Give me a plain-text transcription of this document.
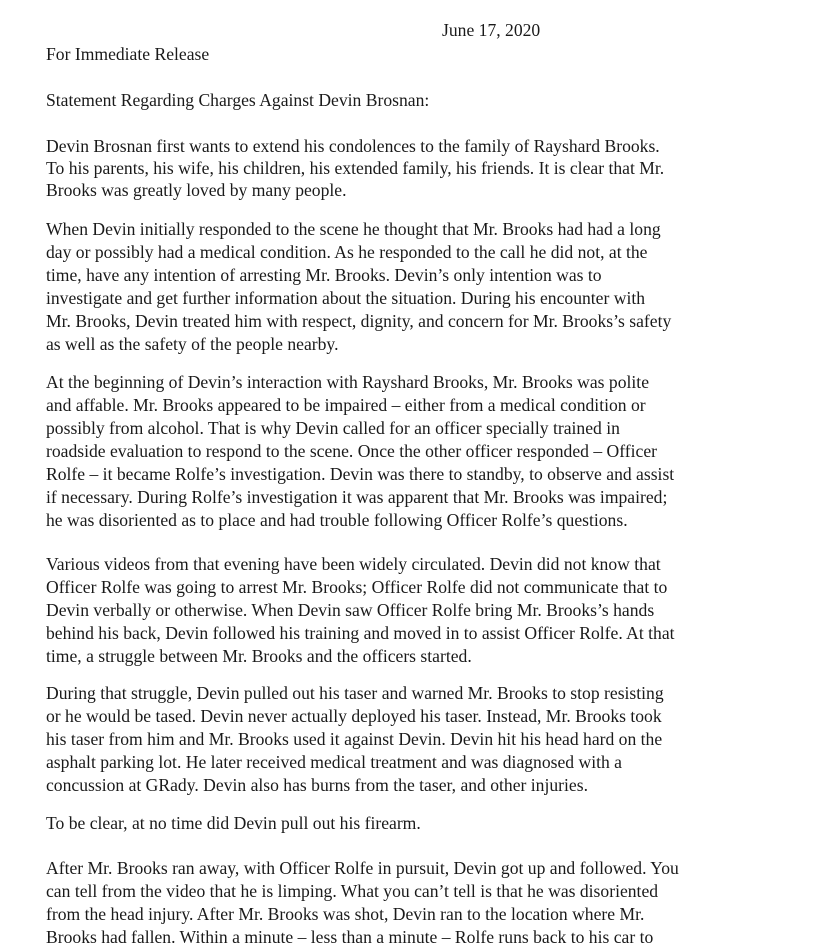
June 17, 2020
For Immediate Release
Statement Regarding Charges Against Devin Brosnan:
Devin Brosnan first wants to extend his condolences to the family of Rayshard Brooks.
To his parents, his wife, his children, his extended family, his friends. It is clear that Mr.
Brooks was greatly loved by many people.
When Devin initially responded to the scene he thought that Mr. Brooks had had a long
day or possibly had a medical condition. As he responded to the call he did not, at the
time, have any intention of arresting Mr. Brooks. Devin’s only intention was to
investigate and get further information about the situation. During his encounter with
Mr. Brooks, Devin treated him with respect, dignity, and concern for Mr. Brooks’s safety
as well as the safety of the people nearby.
At the beginning of Devin’s interaction with Rayshard Brooks, Mr. Brooks was polite
and affable. Mr. Brooks appeared to be impaired – either from a medical condition or
possibly from alcohol. That is why Devin called for an officer specially trained in
roadside evaluation to respond to the scene. Once the other officer responded – Officer
Rolfe – it became Rolfe’s investigation. Devin was there to standby, to observe and assist
if necessary. During Rolfe’s investigation it was apparent that Mr. Brooks was impaired;
he was disoriented as to place and had trouble following Officer Rolfe’s questions.
Various videos from that evening have been widely circulated. Devin did not know that
Officer Rolfe was going to arrest Mr. Brooks; Officer Rolfe did not communicate that to
Devin verbally or otherwise. When Devin saw Officer Rolfe bring Mr. Brooks’s hands
behind his back, Devin followed his training and moved in to assist Officer Rolfe. At that
time, a struggle between Mr. Brooks and the officers started.
During that struggle, Devin pulled out his taser and warned Mr. Brooks to stop resisting
or he would be tased. Devin never actually deployed his taser. Instead, Mr. Brooks took
his taser from him and Mr. Brooks used it against Devin. Devin hit his head hard on the
asphalt parking lot. He later received medical treatment and was diagnosed with a
concussion at GRady. Devin also has burns from the taser, and other injuries.
To be clear, at no time did Devin pull out his firearm.
After Mr. Brooks ran away, with Officer Rolfe in pursuit, Devin got up and followed. You
can tell from the video that he is limping. What you can’t tell is that he was disoriented
from the head injury. After Mr. Brooks was shot, Devin ran to the location where Mr.
Brooks had fallen. Within a minute – less than a minute – Rolfe runs back to his car to
